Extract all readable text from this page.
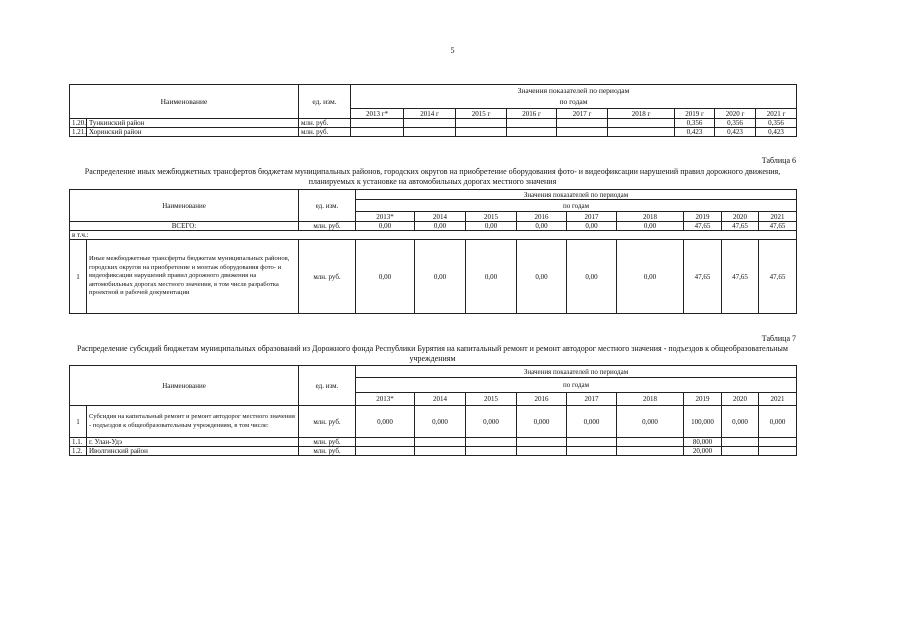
5
Наименование		ед. изм.	Значения показателей по периодам								
			по годам								
			2013 г*	2014 г	2015 г	2016 г	2017 г	2018 г	2019 г	2020 г	2021 г
1.20.	Тункинский район	млн. руб.							0,356	0,356	0,356
1.21.	Хоринский район	млн. руб.							0,423	0,423	0,423
Таблица 6
Распределение иных межбюджетных трансфертов бюджетам муниципальных районов, городских округов на приобретение оборудования фото- и видеофиксации нарушений правил дорожного движения, планируемых к установке на автомобильных дорогах местного значения
Наименование		ед. изм.	Значения показателей по периодам								
			по годам								
			2013*	2014	2015	2016	2017	2018	2019	2020	2021
ВСЕГО:		млн. руб.	0,00	0,00	0,00	0,00	0,00	0,00	47,65	47,65	47,65
в т.ч.:											
1	Иные межбюджетные трансферты бюджетам муниципальных районов, городских округов на приобретение и монтаж оборудования фото- и видеофиксации нарушений правил дорожного движения на автомобильных дорогах местного значения, в том числе разработка проектной и рабочей документации	млн. руб.	0,00	0,00	0,00	0,00	0,00	0,00	47,65	47,65	47,65
Таблица 7
Распределение субсидий бюджетам муниципальных образований из Дорожного фонда Республики Бурятия на капитальный ремонт и ремонт автодорог местного значения - подъездов к общеобразовательным учреждениям
Наименование		ед. изм.	Значения показателей по периодам								
			по годам								
			2013*	2014	2015	2016	2017	2018	2019	2020	2021
1	Субсидия на капитальный ремонт и ремонт автодорог местного значения - подъездов к общеобразовательным учреждениям, в том числе:	млн. руб.	0,000	0,000	0,000	0,000	0,000	0,000	100,000	0,000	0,000
1.1.	г. Улан-Удэ	млн. руб.							80,000		
1.2.	Иволгинский район	млн. руб.							20,000		
